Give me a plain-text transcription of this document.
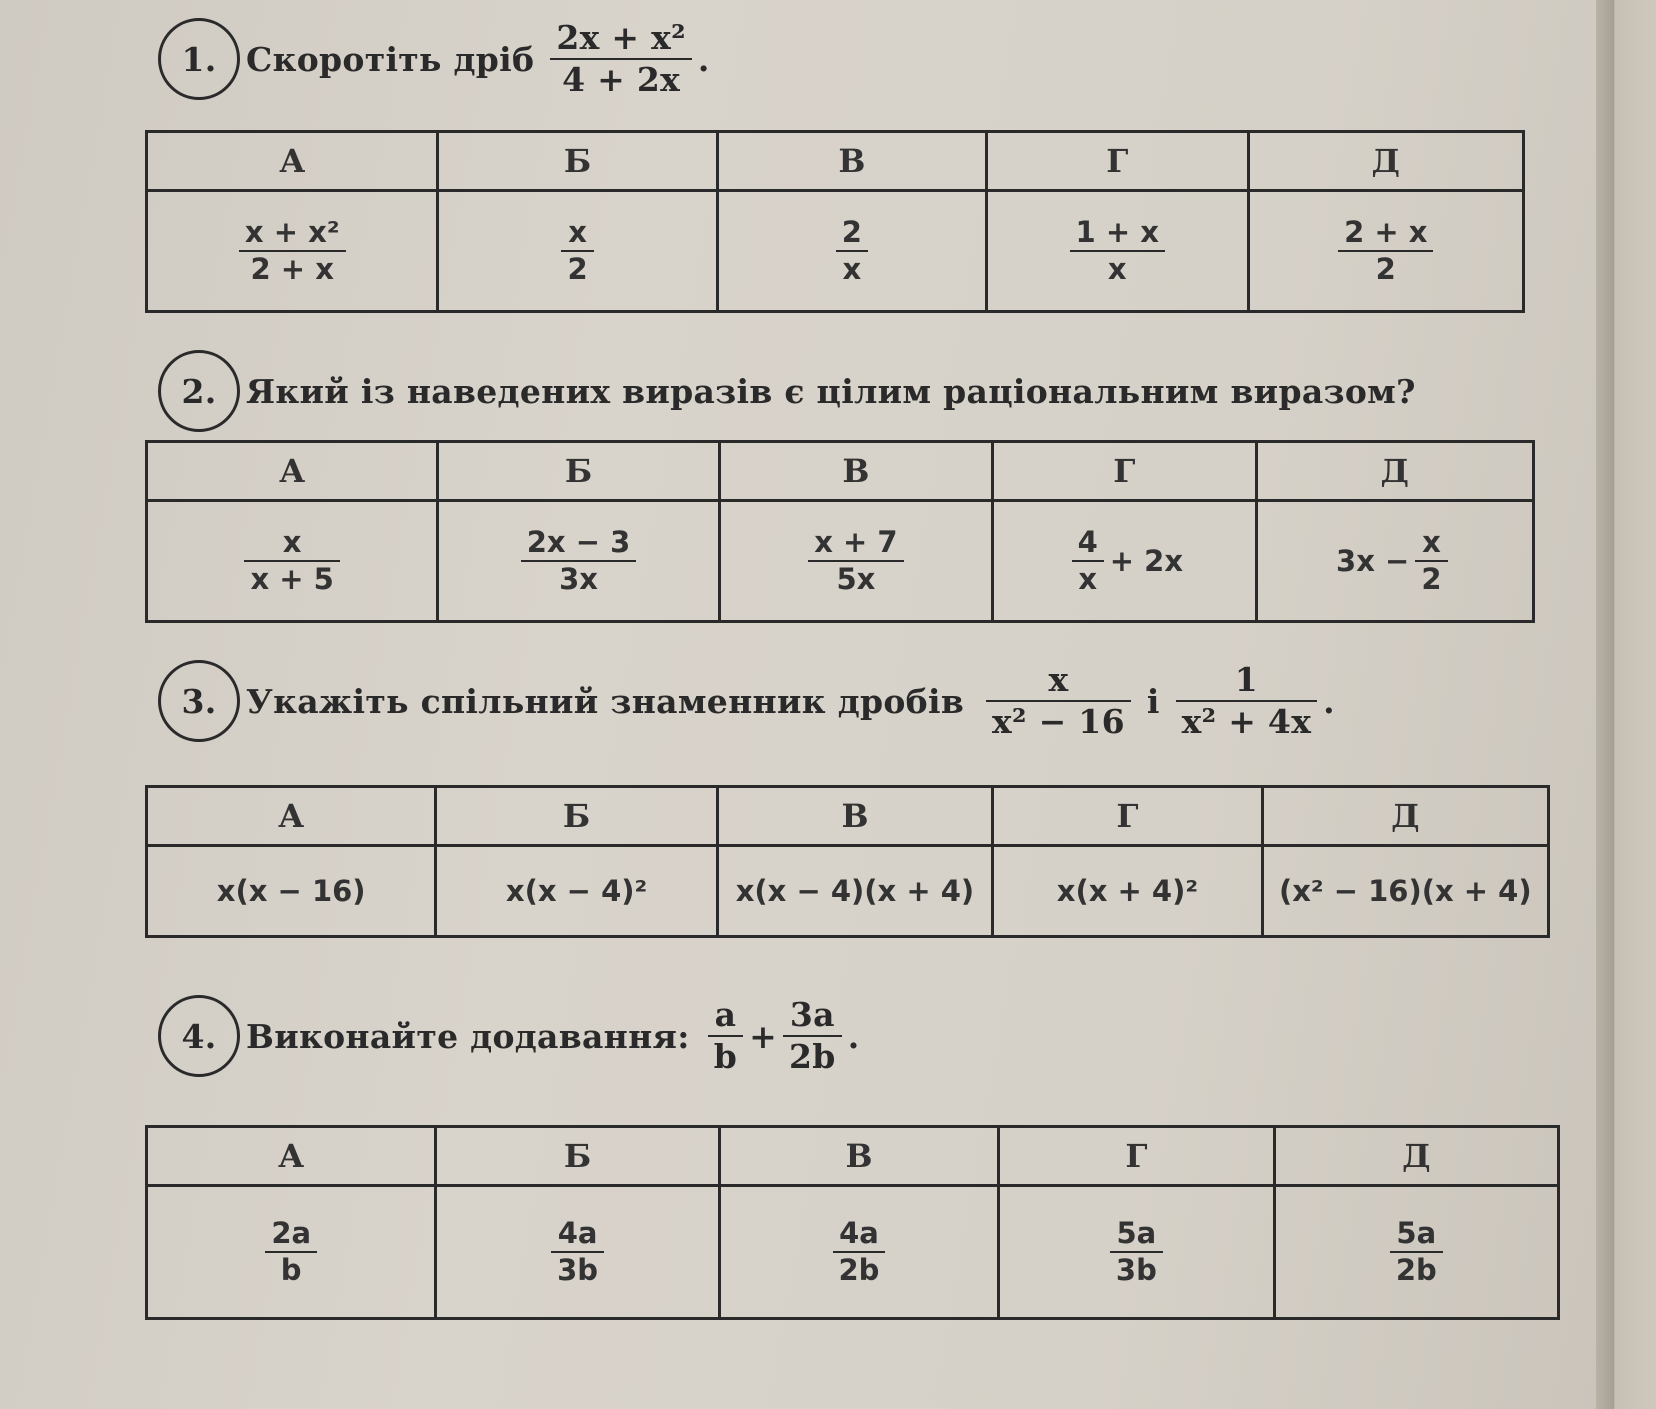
1. Скоротіть дріб $\frac{\text{2x + x²}}{4 + 2x}$ .
А	Б	В	Г	Д

$\frac{\text{x + x²}}{2 + x}$	$\frac{x}{2}$	$\frac{2}{x}$	$\frac{1 + x}{x}$	$\frac{2 + x}{2}$
2. Який із наведених виразів є цілим раціональним виразом?
А	Б	В	Г	Д

$\frac{x}{x + 5}$	$\frac{2x - 3}{3x}$	$\frac{x + 7}{5x}$	$\frac{4}{x} + 2x$	$3x - \frac{x}{2}$
3. Укажіть спільний знаменник дробів $\frac{x}{\text{x² − 16}}$ і $\frac{1}{\text{x² + 4x}}$ .
А	Б	В	Г	Д
x(x − 16)	x(x − 4)²	x(x − 4)(x + 4)	x(x + 4)²	(x² − 16)(x + 4)
4. Виконайте додавання: $\frac{a}{b} + \frac{3a}{2b}$ .
А	Б	В	Г	Д

$\frac{2a}{b}$	$\frac{4a}{3b}$	$\frac{4a}{2b}$	$\frac{5a}{3b}$	$\frac{5a}{2b}$
